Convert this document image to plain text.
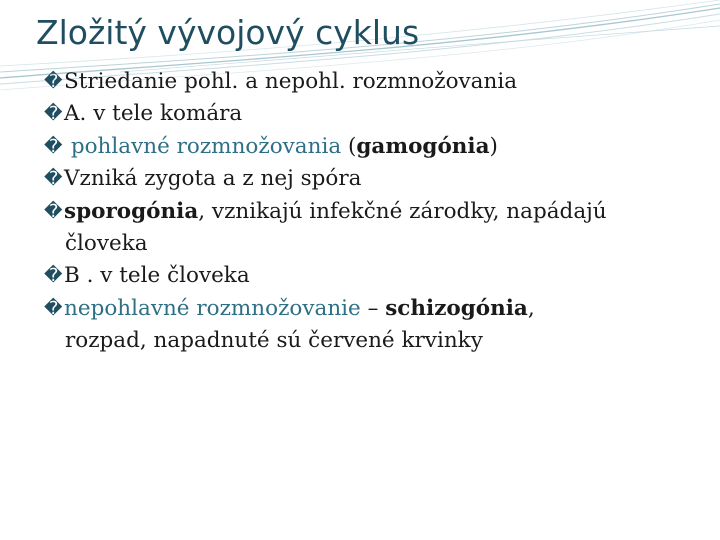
Zložitý vývojový cyklus
�Striedanie pohl. a nepohl. rozmnožovania
�A. v tele komára
� pohlavné rozmnožovania (gamogónia)
�Vzniká zygota a z nej spóra
�sporogónia, vznikajú infekčné zárodky, napádajú
človeka
�B . v tele človeka
�nepohlavné rozmnožovanie – schizogónia,
rozpad, napadnuté sú červené krvinky
